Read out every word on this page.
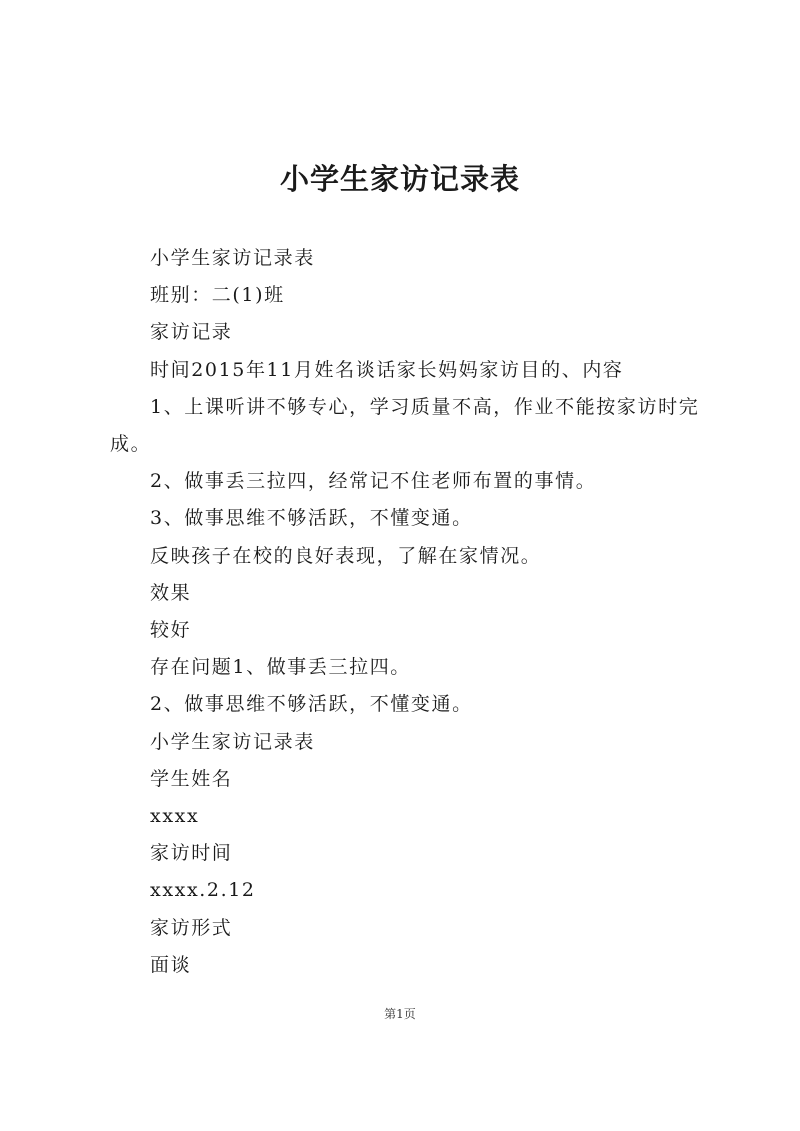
小学生家访记录表

小学生家访记录表

班别：二(1)班

家访记录

时间2015年11月姓名谈话家长妈妈家访目的、内容

1、上课听讲不够专心，学习质量不高，作业不能按家访时完成。

2、做事丢三拉四，经常记不住老师布置的事情。

3、做事思维不够活跃，不懂变通。

反映孩子在校的良好表现，了解在家情况。

效果

较好

存在问题1、做事丢三拉四。

2、做事思维不够活跃，不懂变通。

小学生家访记录表

学生姓名

xxxx

家访时间

xxxx.2.12

家访形式

面谈

第1页
